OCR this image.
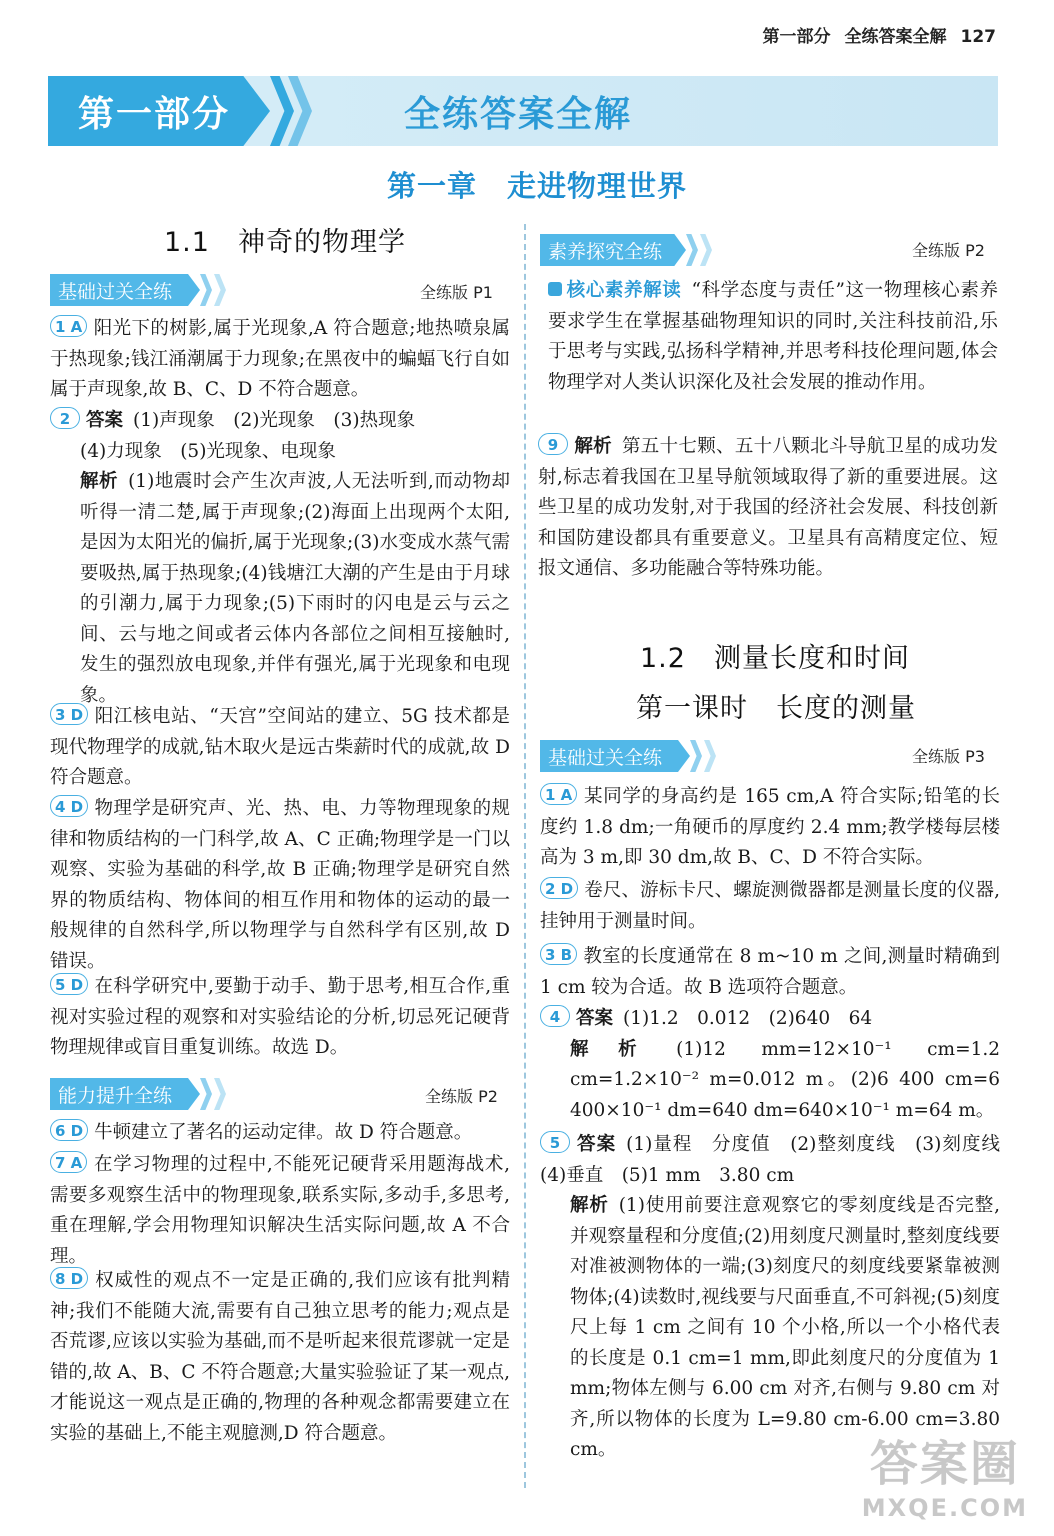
第一部分 全练答案全解 127
第一部分	全练答案全解
第一章　走进物理世界
1.1　神奇的物理学
基础过关全练	全练版 P1
1 A 阳光下的树影,属于光现象,A 符合题意;地热喷泉属于热现象;钱江涌潮属于力现象;在黑夜中的蝙蝠飞行自如属于声现象,故 B、C、D 不符合题意。
2 答案 (1)声现象　(2)光现象　(3)热现象
(4)力现象　(5)光现象、电现象
解析 (1)地震时会产生次声波,人无法听到,而动物却听得一清二楚,属于声现象;(2)海面上出现两个太阳,是因为太阳光的偏折,属于光现象;(3)水变成水蒸气需要吸热,属于热现象;(4)钱塘江大潮的产生是由于月球的引潮力,属于力现象;(5)下雨时的闪电是云与云之间、云与地之间或者云体内各部位之间相互接触时,发生的强烈放电现象,并伴有强光,属于光现象和电现象。
3 D 阳江核电站、“天宫”空间站的建立、5G 技术都是现代物理学的成就,钻木取火是远古柴薪时代的成就,故 D 符合题意。
4 D 物理学是研究声、光、热、电、力等物理现象的规律和物质结构的一门科学,故 A、C 正确;物理学是一门以观察、实验为基础的科学,故 B 正确;物理学是研究自然界的物质结构、物体间的相互作用和物体的运动的最一般规律的自然科学,所以物理学与自然科学有区别,故 D 错误。
5 D 在科学研究中,要勤于动手、勤于思考,相互合作,重视对实验过程的观察和对实验结论的分析,切忌死记硬背物理规律或盲目重复训练。故选 D。
能力提升全练	全练版 P2
6 D 牛顿建立了著名的运动定律。故 D 符合题意。
7 A 在学习物理的过程中,不能死记硬背采用题海战术,需要多观察生活中的物理现象,联系实际,多动手,多思考,重在理解,学会用物理知识解决生活实际问题,故 A 不合理。
8 D 权威性的观点不一定是正确的,我们应该有批判精神;我们不能随大流,需要有自己独立思考的能力;观点是否荒谬,应该以实验为基础,而不是听起来很荒谬就一定是错的,故 A、B、C 不符合题意;大量实验验证了某一观点,才能说这一观点是正确的,物理的各种观念都需要建立在实验的基础上,不能主观臆测,D 符合题意。
素养探究全练	全练版 P2
核心素养解读 “科学态度与责任”这一物理核心素养要求学生在掌握基础物理知识的同时,关注科技前沿,乐于思考与实践,弘扬科学精神,并思考科技伦理问题,体会物理学对人类认识深化及社会发展的推动作用。
9 解析 第五十七颗、五十八颗北斗导航卫星的成功发射,标志着我国在卫星导航领域取得了新的重要进展。这些卫星的成功发射,对于我国的经济社会发展、科技创新和国防建设都具有重要意义。卫星具有高精度定位、短报文通信、多功能融合等特殊功能。
1.2　测量长度和时间
第一课时　长度的测量
基础过关全练	全练版 P3
1 A 某同学的身高约是 165 cm,A 符合实际;铅笔的长度约 1.8 dm;一角硬币的厚度约 2.4 mm;教学楼每层楼高为 3 m,即 30 dm,故 B、C、D 不符合实际。
2 D 卷尺、游标卡尺、螺旋测微器都是测量长度的仪器,挂钟用于测量时间。
3 B 教室的长度通常在 8 m~10 m 之间,测量时精确到 1 cm 较为合适。故 B 选项符合题意。
4 答案 (1)1.2　0.012　(2)640　64
解析 (1)12 mm=12×10⁻¹ cm=1.2 cm=1.2×10⁻² m=0.012 m。(2)6 400 cm=6 400×10⁻¹ dm=640 dm=640×10⁻¹ m=64 m。
5 答案 (1)量程　分度值　(2)整刻度线　(3)刻度线　(4)垂直　(5)1 mm　3.80 cm
解析 (1)使用前要注意观察它的零刻度线是否完整,并观察量程和分度值;(2)用刻度尺测量时,整刻度线要对准被测物体的一端;(3)刻度尺的刻度线要紧靠被测物体;(4)读数时,视线要与尺面垂直,不可斜视;(5)刻度尺上每 1 cm 之间有 10 个小格,所以一个小格代表的长度是 0.1 cm=1 mm,即此刻度尺的分度值为 1 mm;物体左侧与 6.00 cm 对齐,右侧与 9.80 cm 对齐,所以物体的长度为 L=9.80 cm-6.00 cm=3.80 cm。	答案圈
MXQE.COM
